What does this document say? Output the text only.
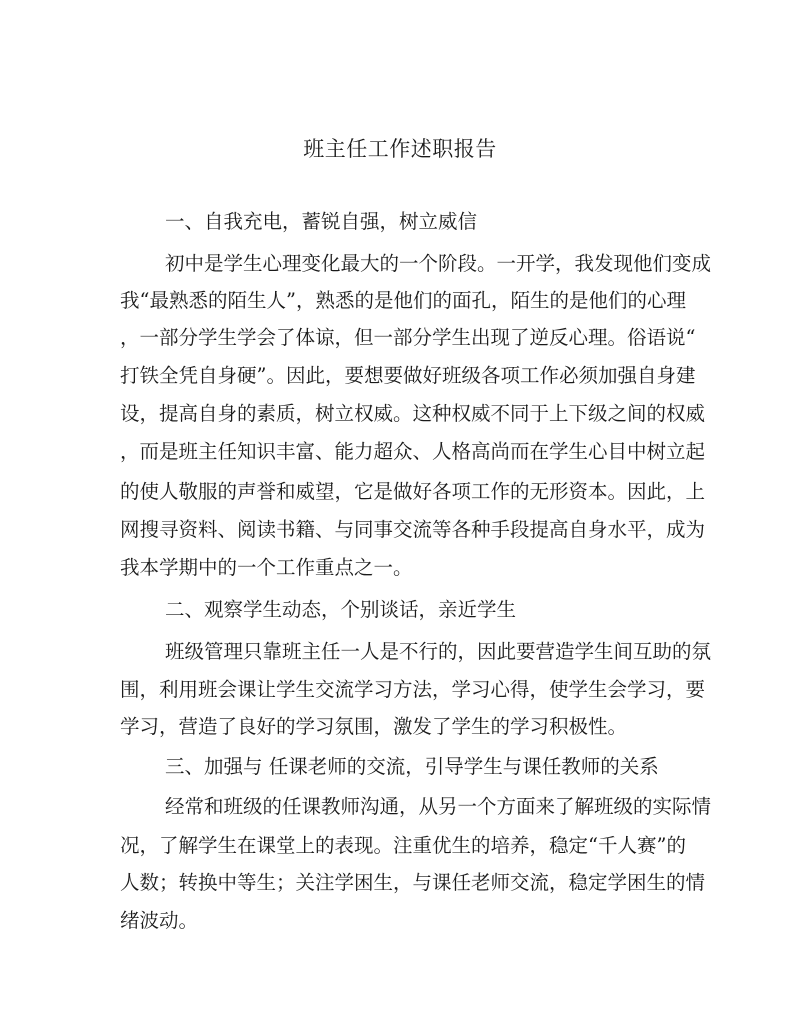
班主任工作述职报告

一、自我充电，蓄锐自强，树立威信

初中是学生心理变化最大的一个阶段。一开学，我发现他们变成

我“最熟悉的陌生人”，熟悉的是他们的面孔，陌生的是他们的心理

，一部分学生学会了体谅，但一部分学生出现了逆反心理。俗语说“

打铁全凭自身硬”。因此，要想要做好班级各项工作必须加强自身建

设，提高自身的素质，树立权威。这种权威不同于上下级之间的权威

，而是班主任知识丰富、能力超众、人格高尚而在学生心目中树立起

的使人敬服的声誉和威望，它是做好各项工作的无形资本。因此，上

网搜寻资料、阅读书籍、与同事交流等各种手段提高自身水平，成为

我本学期中的一个工作重点之一。

二、观察学生动态，个别谈话，亲近学生

班级管理只靠班主任一人是不行的，因此要营造学生间互助的氛

围，利用班会课让学生交流学习方法，学习心得，使学生会学习，要

学习，营造了良好的学习氛围，激发了学生的学习积极性。

三、加强与 任课老师的交流，引导学生与课任教师的关系

经常和班级的任课教师沟通，从另一个方面来了解班级的实际情

况，了解学生在课堂上的表现。注重优生的培养，稳定“千人赛”的

人数；转换中等生；关注学困生，与课任老师交流，稳定学困生的情

绪波动。
